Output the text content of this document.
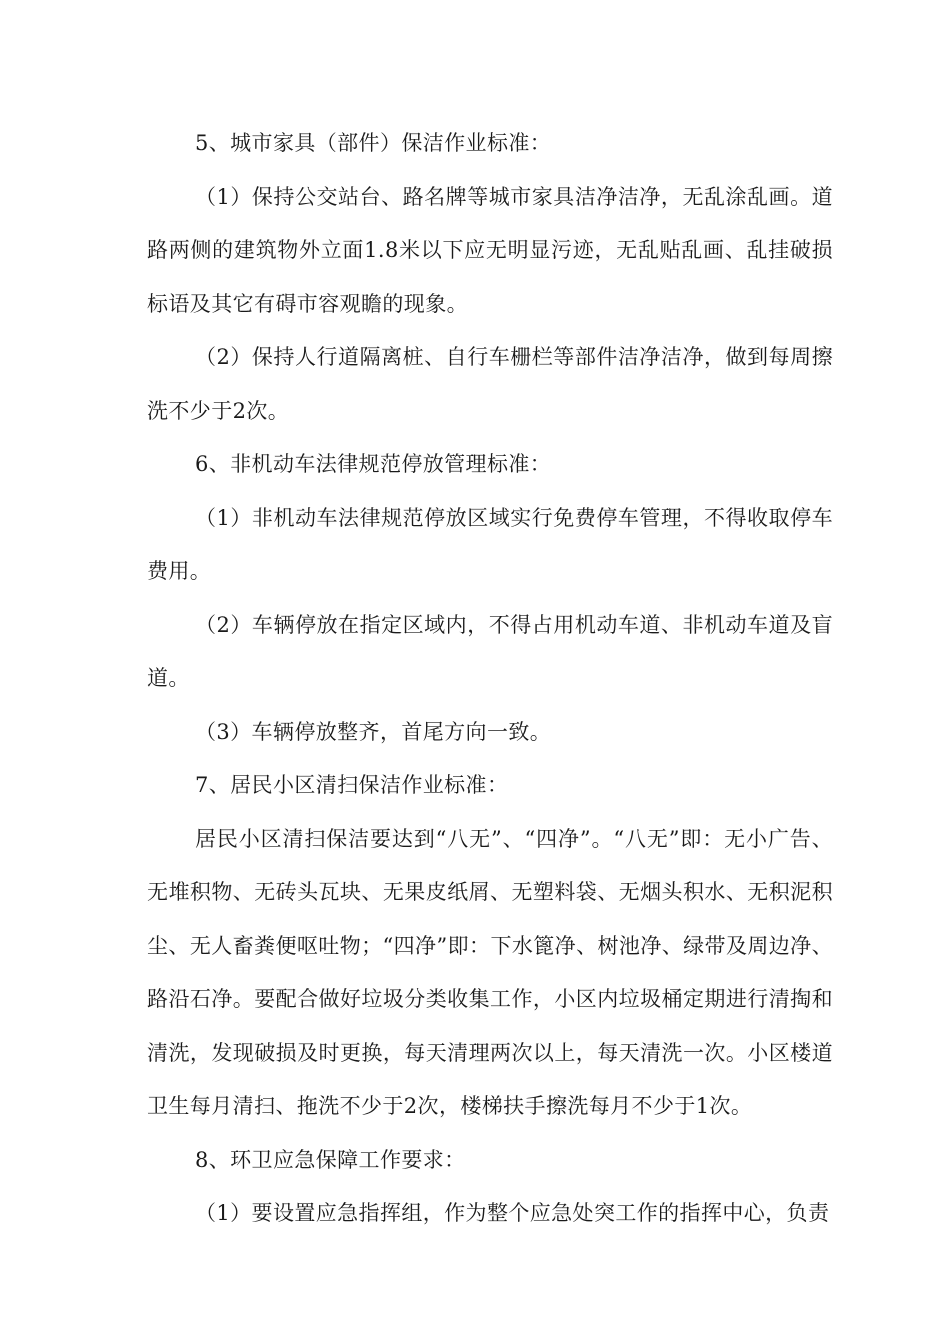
5、城市家具（部件）保洁作业标准：

（1）保持公交站台、路名牌等城市家具洁净洁净，无乱涂乱画。道路两侧的建筑物外立面1.8米以下应无明显污迹，无乱贴乱画、乱挂破损标语及其它有碍市容观瞻的现象。

（2）保持人行道隔离桩、自行车栅栏等部件洁净洁净，做到每周擦洗不少于2次。

6、非机动车法律规范停放管理标准：

（1）非机动车法律规范停放区域实行免费停车管理，不得收取停车费用。

（2）车辆停放在指定区域内，不得占用机动车道、非机动车道及盲道。

（3）车辆停放整齐，首尾方向一致。

7、居民小区清扫保洁作业标准：

居民小区清扫保洁要达到“八无”、“四净”。“八无”即：无小广告、无堆积物、无砖头瓦块、无果皮纸屑、无塑料袋、无烟头积水、无积泥积尘、无人畜粪便呕吐物；“四净”即：下水篦净、树池净、绿带及周边净、路沿石净。要配合做好垃圾分类收集工作，小区内垃圾桶定期进行清掏和清洗，发现破损及时更换，每天清理两次以上，每天清洗一次。小区楼道卫生每月清扫、拖洗不少于2次，楼梯扶手擦洗每月不少于1次。

8、环卫应急保障工作要求：

（1）要设置应急指挥组，作为整个应急处突工作的指挥中心，负责
